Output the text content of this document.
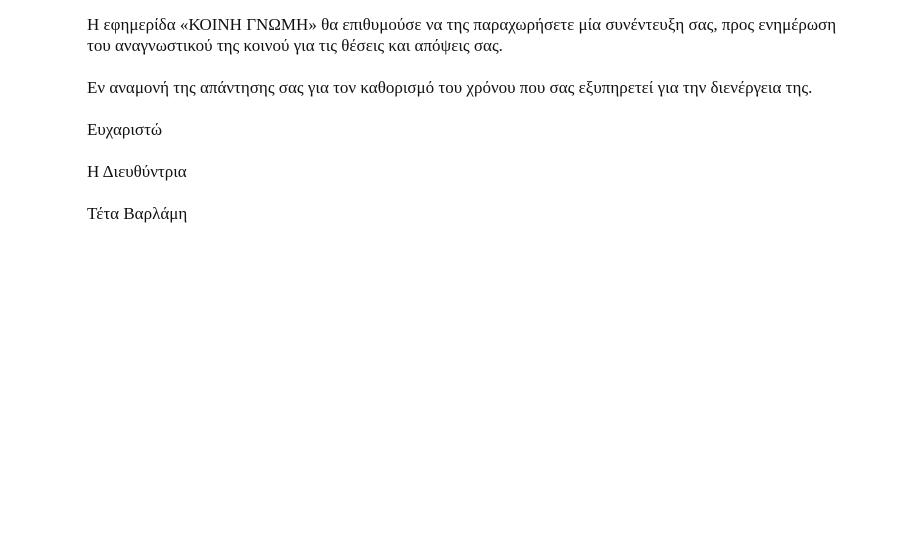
Η εφημερίδα «ΚΟΙΝΗ ΓΝΩΜΗ» θα επιθυμούσε να της παραχωρήσετε μία συνέντευξη σας, προς ενημέρωση του αναγνωστικού της κοινού για τις θέσεις και απόψεις σας.

Εν αναμονή της απάντησης σας για τον καθορισμό του χρόνου που σας εξυπηρετεί για την διενέργεια της.

Ευχαριστώ

Η Διευθύντρια

Τέτα Βαρλάμη
